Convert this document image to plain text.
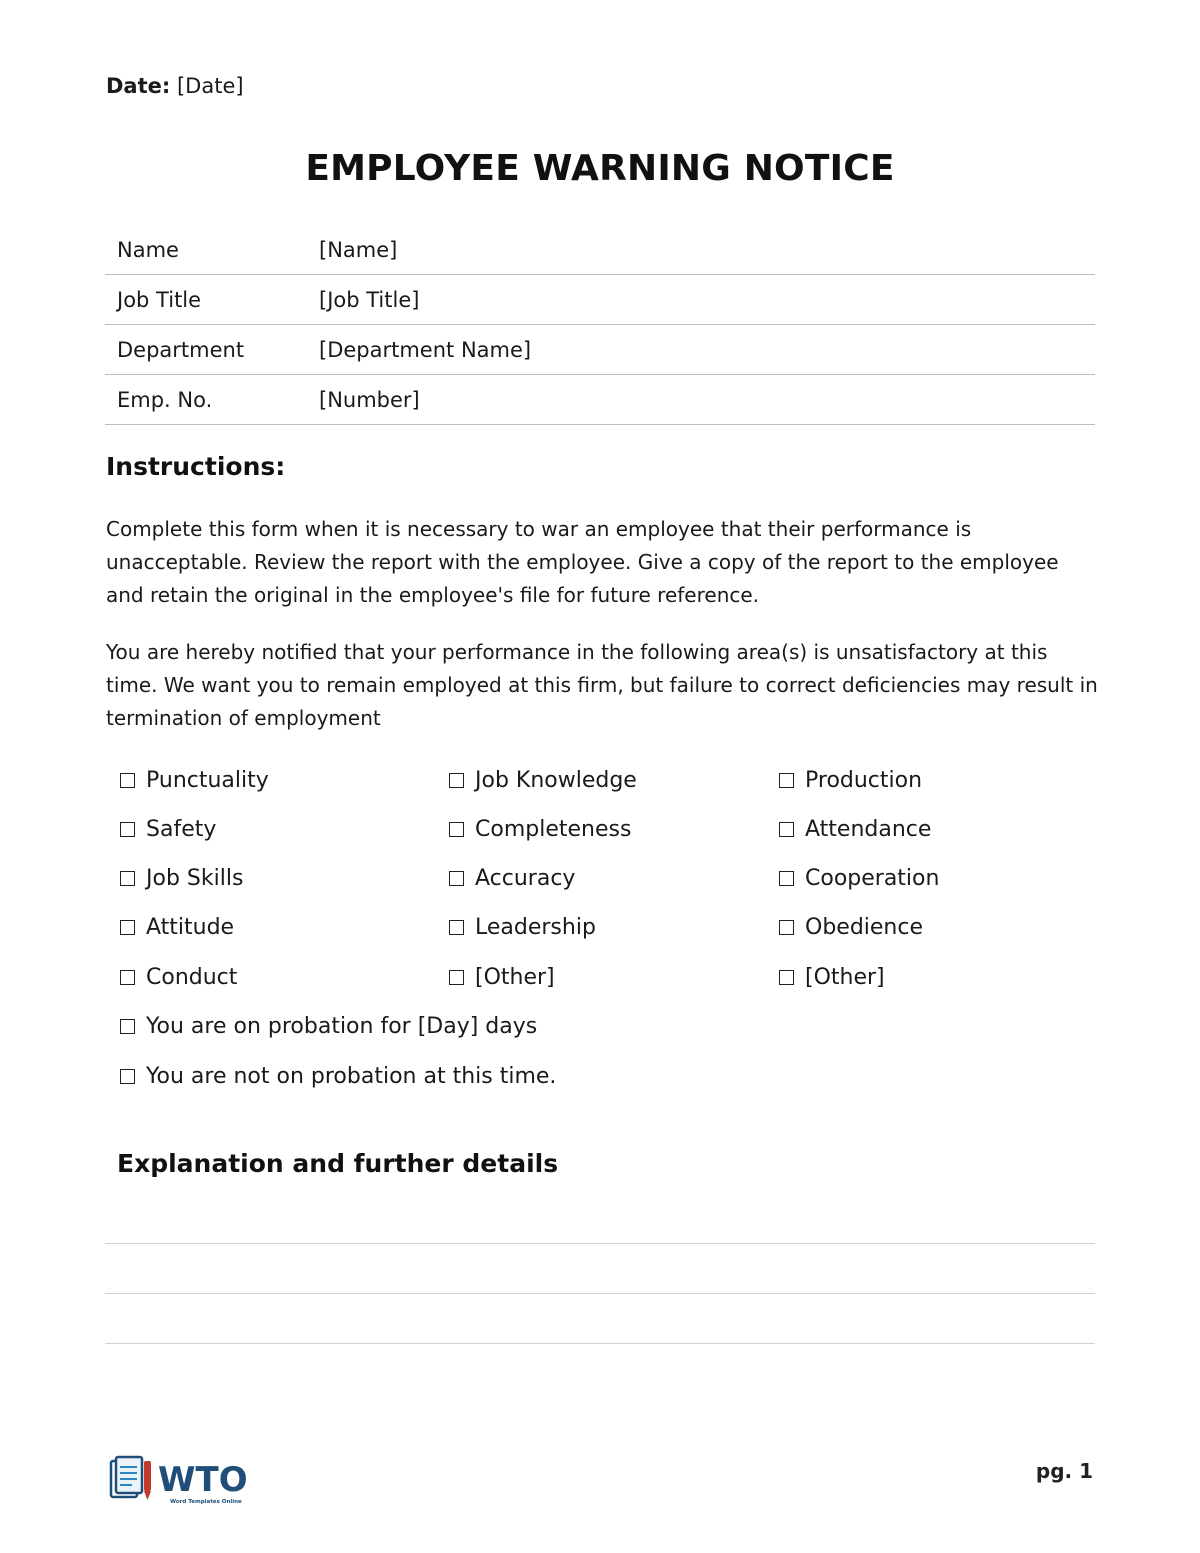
Date: [Date]
EMPLOYEE WARNING NOTICE
Name	[Name]
Job Title	[Job Title]
Department	[Department Name]
Emp. No.	[Number]
Instructions:

Complete this form when it is necessary to war an employee that their performance is unacceptable. Review the report with the employee. Give a copy of the report to the employee and retain the original in the employee's file for future reference.

You are hereby notified that your performance in the following area(s) is unsatisfactory at this time. We want you to remain employed at this firm, but failure to correct deficiencies may result in termination of employment

Punctuality	Job Knowledge	Production
Safety	Completeness	Attendance
Job Skills	Accuracy	Cooperation
Attitude	Leadership	Obedience
Conduct	[Other]	[Other]
You are on probation for [Day] days
You are not on probation at this time.
Explanation and further details
WTO
Word Templates Online
pg. 1
